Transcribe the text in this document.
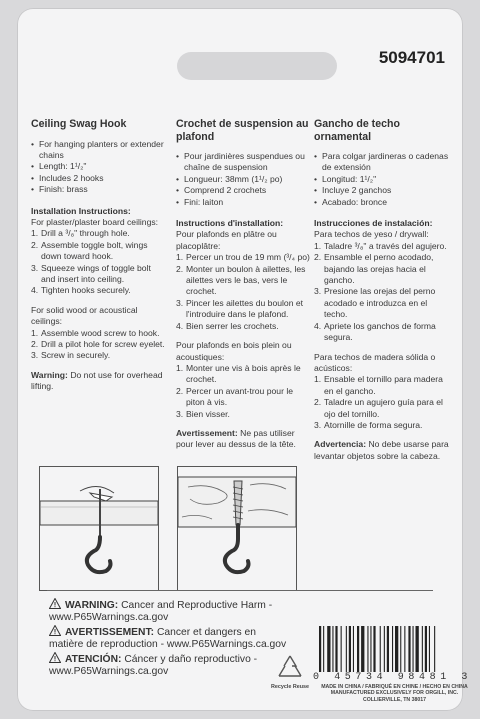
5094701
Ceiling Swag Hook
• For hanging planters or extender chains
• Length: 1¹/₂"
• Includes 2 hooks
• Finish: brass
Installation Instructions:

For plaster/plaster board ceilings:

1. Drill a ³/₈" through hole.
2. Assemble toggle bolt, wings down toward hook.
3. Squeeze wings of toggle bolt and insert into ceiling.
4. Tighten hooks securely.

For solid wood or acoustical ceilings:

1. Assemble wood screw to hook.
2. Drill a pilot hole for screw eyelet.
3. Screw in securely.

Warning: Do not use for overhead lifting.

Crochet de suspension au plafond
• Pour jardinières suspendues ou chaîne de suspension
• Longueur: 38mm (1¹/₂ po)
• Comprend 2 crochets
• Fini: laiton
Instructions d'installation:

Pour plafonds en plâtre ou placoplâtre:

1. Percer un trou de 19 mm (³/₄ po)
2. Monter un boulon à ailettes, les ailettes vers le bas, vers le crochet.
3. Pincer les ailettes du boulon et l'introduire dans le plafond.
4. Bien serrer les crochets.

Pour plafonds en bois plein ou acoustiques:

1. Monter une vis à bois après le crochet.
2. Percer un avant-trou pour le piton à vis.
3. Bien visser.

Avertissement: Ne pas utiliser pour lever au dessus de la tête.

Gancho de techo ornamental
• Para colgar jardineras o cadenas de extensión
• Longitud: 1¹/₂"
• Incluye 2 ganchos
• Acabado: bronce
Instrucciones de instalación:

Para techos de yeso / drywall:

1. Taladre ³/₈" a través del agujero.
2. Ensamble el perno acodado, bajando las orejas hacia el gancho.
3. Presione las orejas del perno acodado e introduzca en el techo.
4. Apriete los ganchos de forma segura.

Para techos de madera sólida o acústicos:

1. Ensable el tornillo para madera en el gancho.
2. Taladre un agujero guía para el ojo del tornillo.
3. Atornille de forma segura.

Advertencia: No debe usarse para levantar objetos sobre la cabeza.

WARNING: Cancer and Reproductive Harm - www.P65Warnings.ca.gov
AVERTISSEMENT: Cancer et dangers en matière de reproduction - www.P65Warnings.ca.gov
ATENCIÓN: Cáncer y daño reproductivo - www.P65Warnings.ca.gov
Recycle Reuse
0 45734 98481 3
MADE IN CHINA / FABRIQUÉ EN CHINE / HECHO EN CHINA
MANUFACTURED EXCLUSIVELY FOR ORGILL, INC.
COLLIERVILLE, TN 38017
